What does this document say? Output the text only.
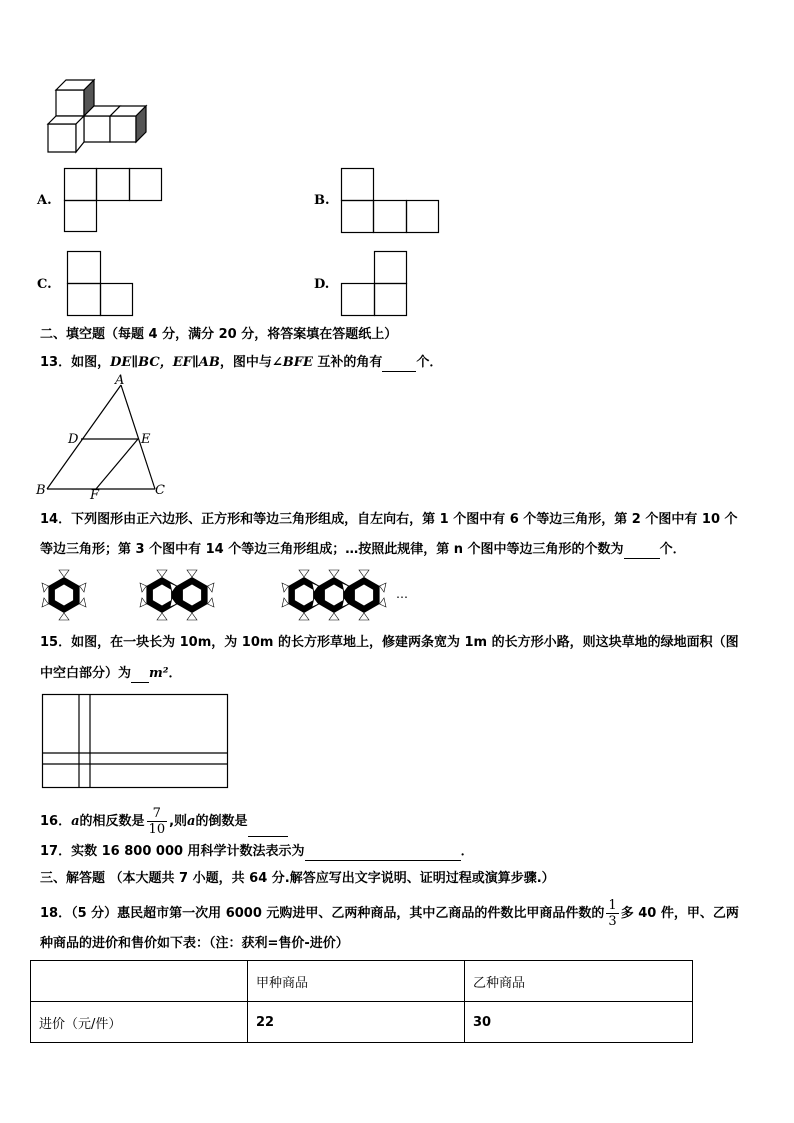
A.	B.
C.	D.
二、填空题（每题 4 分，满分 20 分，将答案填在答题纸上）
13．如图，DE∥BC，EF∥AB，图中与∠BFE 互补的角有	个．
A
D	E
B	F	C
14．下列图形由正六边形、正方形和等边三角形组成，自左向右，第 1 个图中有 6 个等边三角形，第 2 个图中有 10 个
等边三角形；第 3 个图中有 14 个等边三角形组成；…按照此规律，第 n 个图中等边三角形的个数为	个．
…
15．如图，在一块长为 10m，为 10m 的长方形草地上，修建两条宽为 1m 的长方形小路，则这块草地的绿地面积（图
中空白部分）为 m²．
16．a的相反数是 $\frac{7}{10}$ ,则a的倒数是
17．实数 16 800 000 用科学计数法表示为	．
三、解答题 （本大题共 7 小题，共 64 分.解答应写出文字说明、证明过程或演算步骤.）
18．（5 分）惠民超市第一次用 6000 元购进甲、乙两种商品，其中乙商品的件数比甲商品件数的 $\frac{1}{3}$ 多 40 件，甲、乙两
种商品的进价和售价如下表：（注：获利=售价-进价）
	甲种商品	乙种商品
进价（元/件）	22	30
